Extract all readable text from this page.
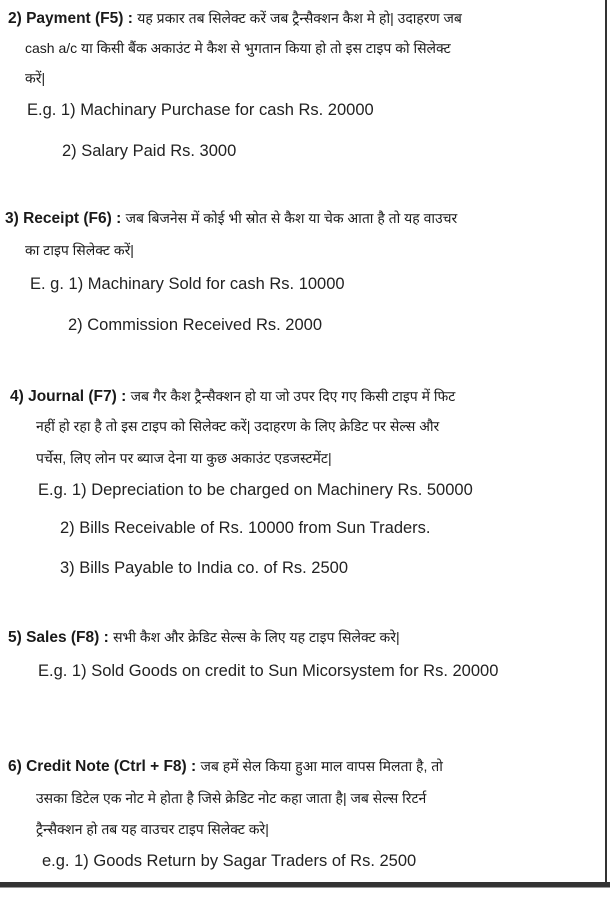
2) Payment (F5) : यह प्रकार तब सिलेक्ट करें जब ट्रैन्सैक्शन कैश मे हो| उदाहरण जब
cash a/c या किसी बैंक अकाउंट मे कैश से भुगतान किया हो तो इस टाइप को सिलेक्ट
करें|
E.g. 1) Machinary Purchase for cash Rs. 20000
2) Salary Paid Rs. 3000
3) Receipt (F6) : जब बिजनेस में कोई भी स्रोत से कैश या चेक आता है तो यह वाउचर
का टाइप सिलेक्ट करें|
E. g. 1) Machinary Sold for cash Rs. 10000
2) Commission Received Rs. 2000
4) Journal (F7) : जब गैर कैश ट्रैन्सैक्शन हो या जो उपर दिए गए किसी टाइप में फिट
नहीं हो रहा है तो इस टाइप को सिलेक्ट करें| उदाहरण के लिए क्रेडिट पर सेल्स और
पर्चेस, लिए लोन पर ब्याज देना या कुछ अकाउंट एडजस्टमेंट|
E.g. 1) Depreciation to be charged on Machinery Rs. 50000
2) Bills Receivable of Rs. 10000 from Sun Traders.
3) Bills Payable to India co. of Rs. 2500
5) Sales (F8) : सभी कैश और क्रेडिट सेल्स के लिए यह टाइप सिलेक्ट करे|
E.g. 1) Sold Goods on credit to Sun Micorsystem for Rs. 20000
6) Credit Note (Ctrl + F8) : जब हमें सेल किया हुआ माल वापस मिलता है, तो
उसका डिटेल एक नोट मे होता है जिसे क्रेडिट नोट कहा जाता है| जब सेल्स रिटर्न
ट्रैन्सैक्शन हो तब यह वाउचर टाइप सिलेक्ट करे|
e.g. 1) Goods Return by Sagar Traders of Rs. 2500
